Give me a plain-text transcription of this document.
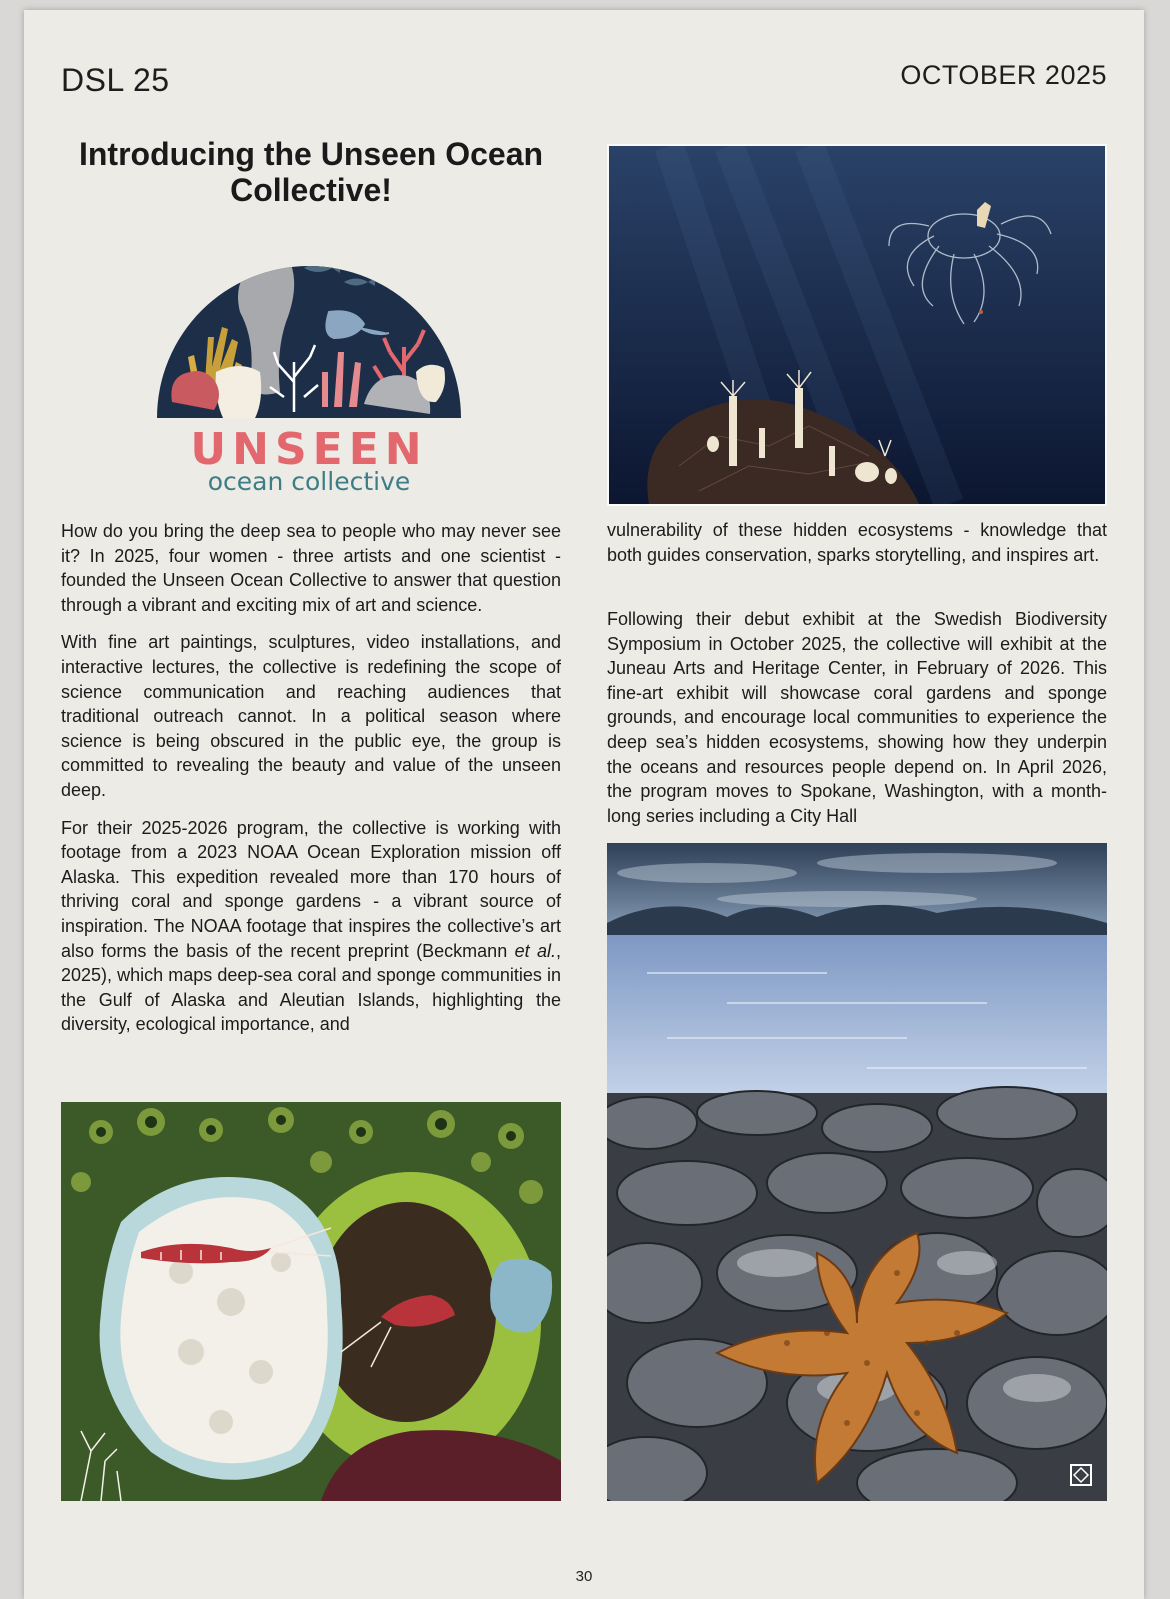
DSL 25	OCTOBER 2025
Introducing the Unseen Ocean Collective!
UNSEEN
ocean collective

How do you bring the deep sea to people who may never see it? In 2025, four women - three artists and one scientist - founded the Unseen Ocean Collective to answer that question through a vibrant and exciting mix of art and science.

With fine art paintings, sculptures, video installations, and interactive lectures, the collective is redefining the scope of science communication and reaching audiences that traditional outreach cannot. In a political season where science is being obscured in the public eye, the group is committed to revealing the beauty and value of the unseen deep.

For their 2025-2026 program, the collective is working with footage from a 2023 NOAA Ocean Exploration mission off Alaska. This expedition revealed more than 170 hours of thriving coral and sponge gardens - a vibrant source of inspiration. The NOAA footage that inspires the collective’s art also forms the basis of the recent preprint (Beckmann et al., 2025), which maps deep-sea coral and sponge communities in the Gulf of Alaska and Aleutian Islands, highlighting the diversity, ecological importance, and

vulnerability of these hidden ecosystems - knowledge that both guides conservation, sparks storytelling, and inspires art.
Following their debut exhibit at the Swedish Biodiversity Symposium in October 2025, the collective will exhibit at the Juneau Arts and Heritage Center, in February of 2026. This fine-art exhibit will showcase coral gardens and sponge grounds, and encourage local communities to experience the deep sea’s hidden ecosystems, showing how they underpin the oceans and resources people depend on. In April 2026, the program moves to Spokane, Washington, with a month-long series including a City Hall
30
